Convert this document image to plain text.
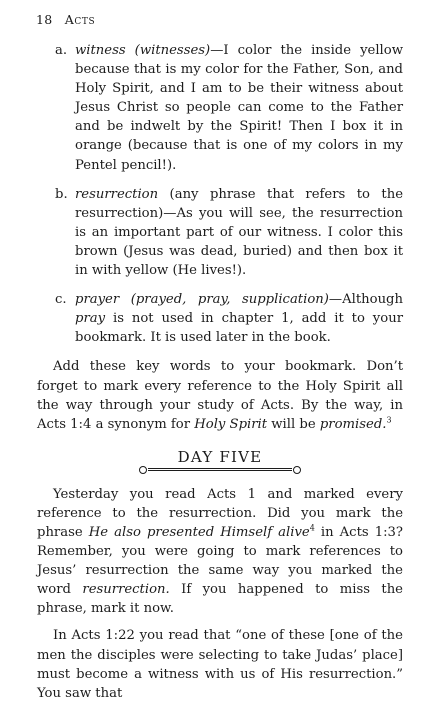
18 Acts
a. witness (witnesses)—I color the inside yellow because that is my color for the Father, Son, and Holy Spirit, and I am to be their witness about Jesus Christ so people can come to the Father and be indwelt by the Spirit! Then I box it in orange (because that is one of my colors in my Pentel pencil!).
b. resurrection (any phrase that refers to the resurrection)—As you will see, the resurrection is an important part of our witness. I color this brown (Jesus was dead, buried) and then box it in with yellow (He lives!).
c. prayer (prayed, pray, supplication)—Although pray is not used in chapter 1, add it to your bookmark. It is used later in the book.

Add these key words to your bookmark. Don’t forget to mark every reference to the Holy Spirit all the way through your study of Acts. By the way, in Acts 1:4 a synonym for Holy Spirit will be promised.$^3$

DAY FIVE

Yesterday you read Acts 1 and marked every reference to the resurrection. Did you mark the phrase He also presented Himself alive$^4$ in Acts 1:3? Remember, you were going to mark references to Jesus’ resurrection the same way you marked the word resurrection. If you happened to miss the phrase, mark it now.

In Acts 1:22 you read that “one of these [one of the men the disciples were selecting to take Judas’ place] must become a witness with us of His resurrection.” You saw that
